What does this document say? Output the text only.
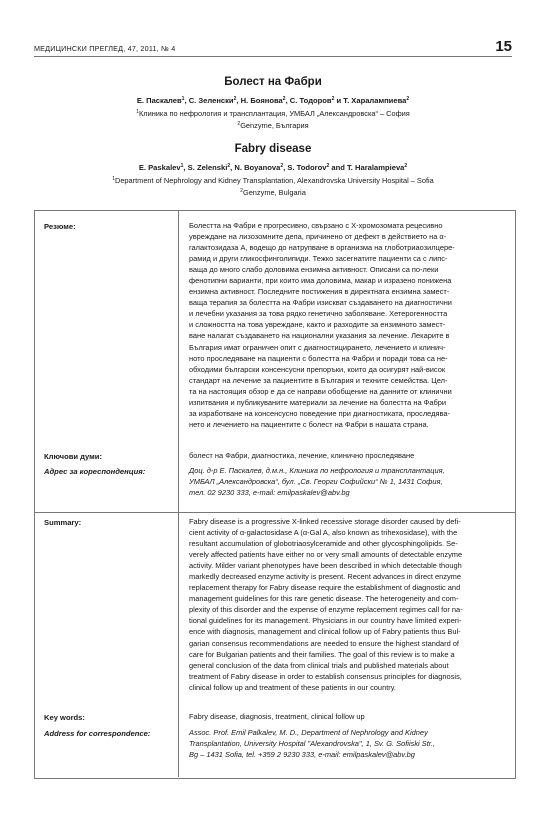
МЕДИЦИНСКИ ПРЕГЛЕД, 47, 2011, № 4	15
Болест на Фабри
Е. Паскалев$^1$, С. Зеленски$^2$, Н. Боянова$^2$, С. Тодоров$^2$ и Т. Харалампиева$^2$
$^1$Клиника по нефрология и трансплантация, УМБАЛ „Александровска“ – София
$^2$Genzyme, България
Fabry disease
E. Paskalev$^1$, S. Zelenski$^2$, N. Boyanova$^2$, S. Todorov$^2$ and T. Haralampieva$^2$
$^1$Department of Nephrology and Kidney Transplantation, Alexandrovska University Hospital – Sofia
$^2$Genzyme, Bulgaria
Резюме:	Болестта на Фабри е прогресивно, свързано с Х-хромозомата рецесивно
увреждане на лизозомните депа, причинено от дефект в действието на α-
галактозидаза А, водещо до натрупване в организма на глоботриаозилцере-
рамид и други гликосфинголипиди. Тежко засегнатите пациенти са с липс-
ваща до много слабо доловима ензимна активност. Описани са по-леки
фенотипни варианти, при които има доловима, макар и изразено понижена
ензимна активност. Последните постижения в директната ензимна замест-
ваща терапия за болестта на Фабри изискват създаването на диагностични
и лечебни указания за това рядко генетично заболяване. Хетерогенността
и сложността на това увреждане, както и разходите за ензимното замест-
ване налагат създаването на национални указания за лечение. Лекарите в
България имат ограничен опит с диагностицирането, лечението и клинич-
ното проследяване на пациенти с болестта на Фабри и поради това са не-
обходими български консенсусни препоръки, които да осигурят най-висок
стандарт на лечение за пациентите в България и техните семейства. Цел-
та на настоящия обзор е да се направи обобщение на данните от клинични
изпитвания и публикуваните материали за лечение на болестта на Фабри
за изработване на консенсусно поведение при диагностиката, проследява-
нето и лечението на пациентите с болест на Фабри в нашата страна.

Ключови думи:	болест на Фабри, диагностика, лечение, клинично проследяване

Адрес за кореспонденция:	Доц. д-р Е. Паскалев, д.м.н., Клиника по нефрология и трансплантация,
УМБАЛ „Александровска“, бул. „Св. Георги Софийски“ № 1, 1431 София,
тел. 02 9230 333, e-mail: emilpaskalev@abv.bg

Summary:	Fabry disease is a progressive X-linked recessive storage disorder caused by defi-
cient activity of α-galactosidase A (α-Gal A, also known as trihexosidase), with the
resultant accumulation of globotriaosylceramide and other glycosphingolipids. Se-
verely affected patients have either no or very small amounts of detectable enzyme
activity. Milder variant phenotypes have been described in which detectable though
markedly decreased enzyme activity is present. Recent advances in direct enzyme
replacement therapy for Fabry disease require the establishment of diagnostic and
management guidelines for this rare genetic disease. The heterogeneity and com-
plexity of this disorder and the expense of enzyme replacement regimes call for na-
tional guidelines for its management. Physicians in our country have limited experi-
ence with diagnosis, management and clinical follow up of Fabry patients thus Bul-
garian consensus recommendations are needed to ensure the highest standard of
care for Bulgarian patients and their families. The goal of this review is to make a
general conclusion of the data from clinical trials and published materials about
treatment of Fabry disease in order to establish consensus principles for diagnosis,
clinical follow up and treatment of these patients in our country.

Key words:	Fabry disease, diagnosis, treatment, clinical follow up

Address for correspondence:	Assoc. Prof. Emil Palkalev, M. D., Department of Nephrology and Kidney
Transplantation, University Hospital "Alexandrovska", 1, Sv. G. Sofiiski Str.,
Bg – 1431 Sofia, tel. +359 2 9230 333, e-mail: emilpaskalev@abv.bg
